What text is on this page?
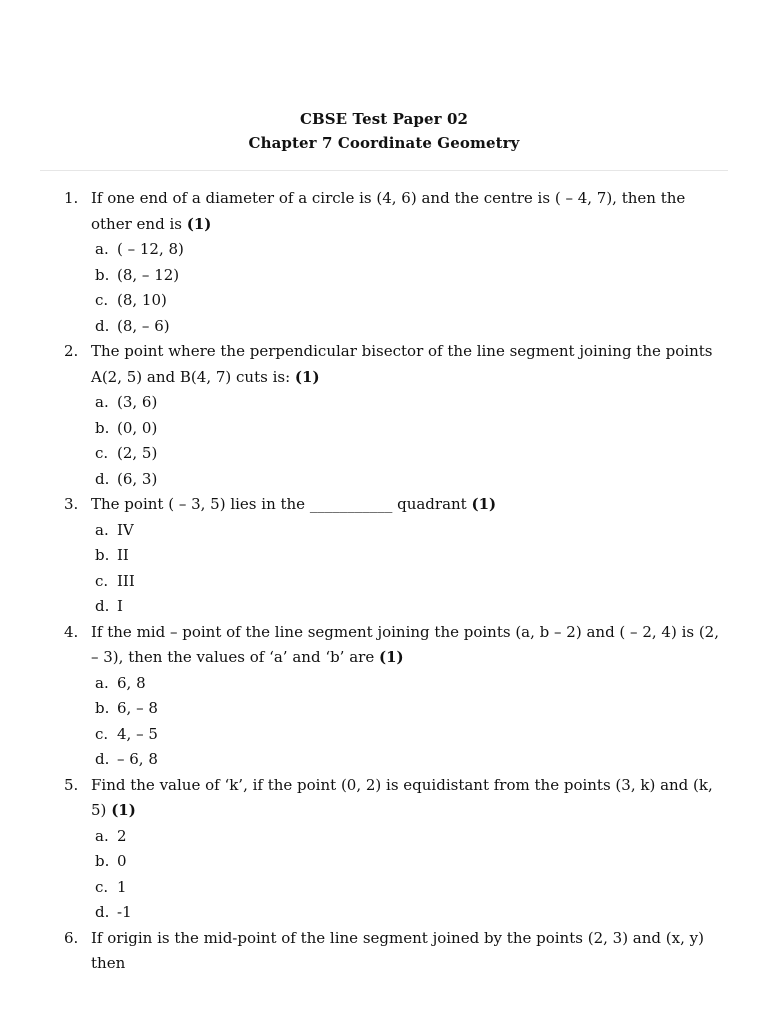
CBSE Test Paper 02
Chapter 7 Coordinate Geometry
1. If one end of a diameter of a circle is (4, 6) and the centre is ( – 4, 7), then the other end is (1)
a. ( – 12, 8)
b. (8, – 12)
c. (8, 10)
d. (8, – 6)
2. The point where the perpendicular bisector of the line segment joining the points A(2, 5) and B(4, 7) cuts is: (1)
a. (3, 6)
b. (0, 0)
c. (2, 5)
d. (6, 3)
3. The point ( – 3, 5) lies in the ___________ quadrant (1)
a. IV
b. II
c. III
d. I
4. If the mid – point of the line segment joining the points (a, b – 2) and ( – 2, 4) is (2, – 3), then the values of ‘a’ and ‘b’ are (1)
a. 6, 8
b. 6, – 8
c. 4, – 5
d. – 6, 8
5. Find the value of ‘k’, if the point (0, 2) is equidistant from the points (3, k) and (k, 5) (1)
a. 2
b. 0
c. 1
d. -1
6. If origin is the mid-point of the line segment joined by the points (2, 3) and (x, y) then
